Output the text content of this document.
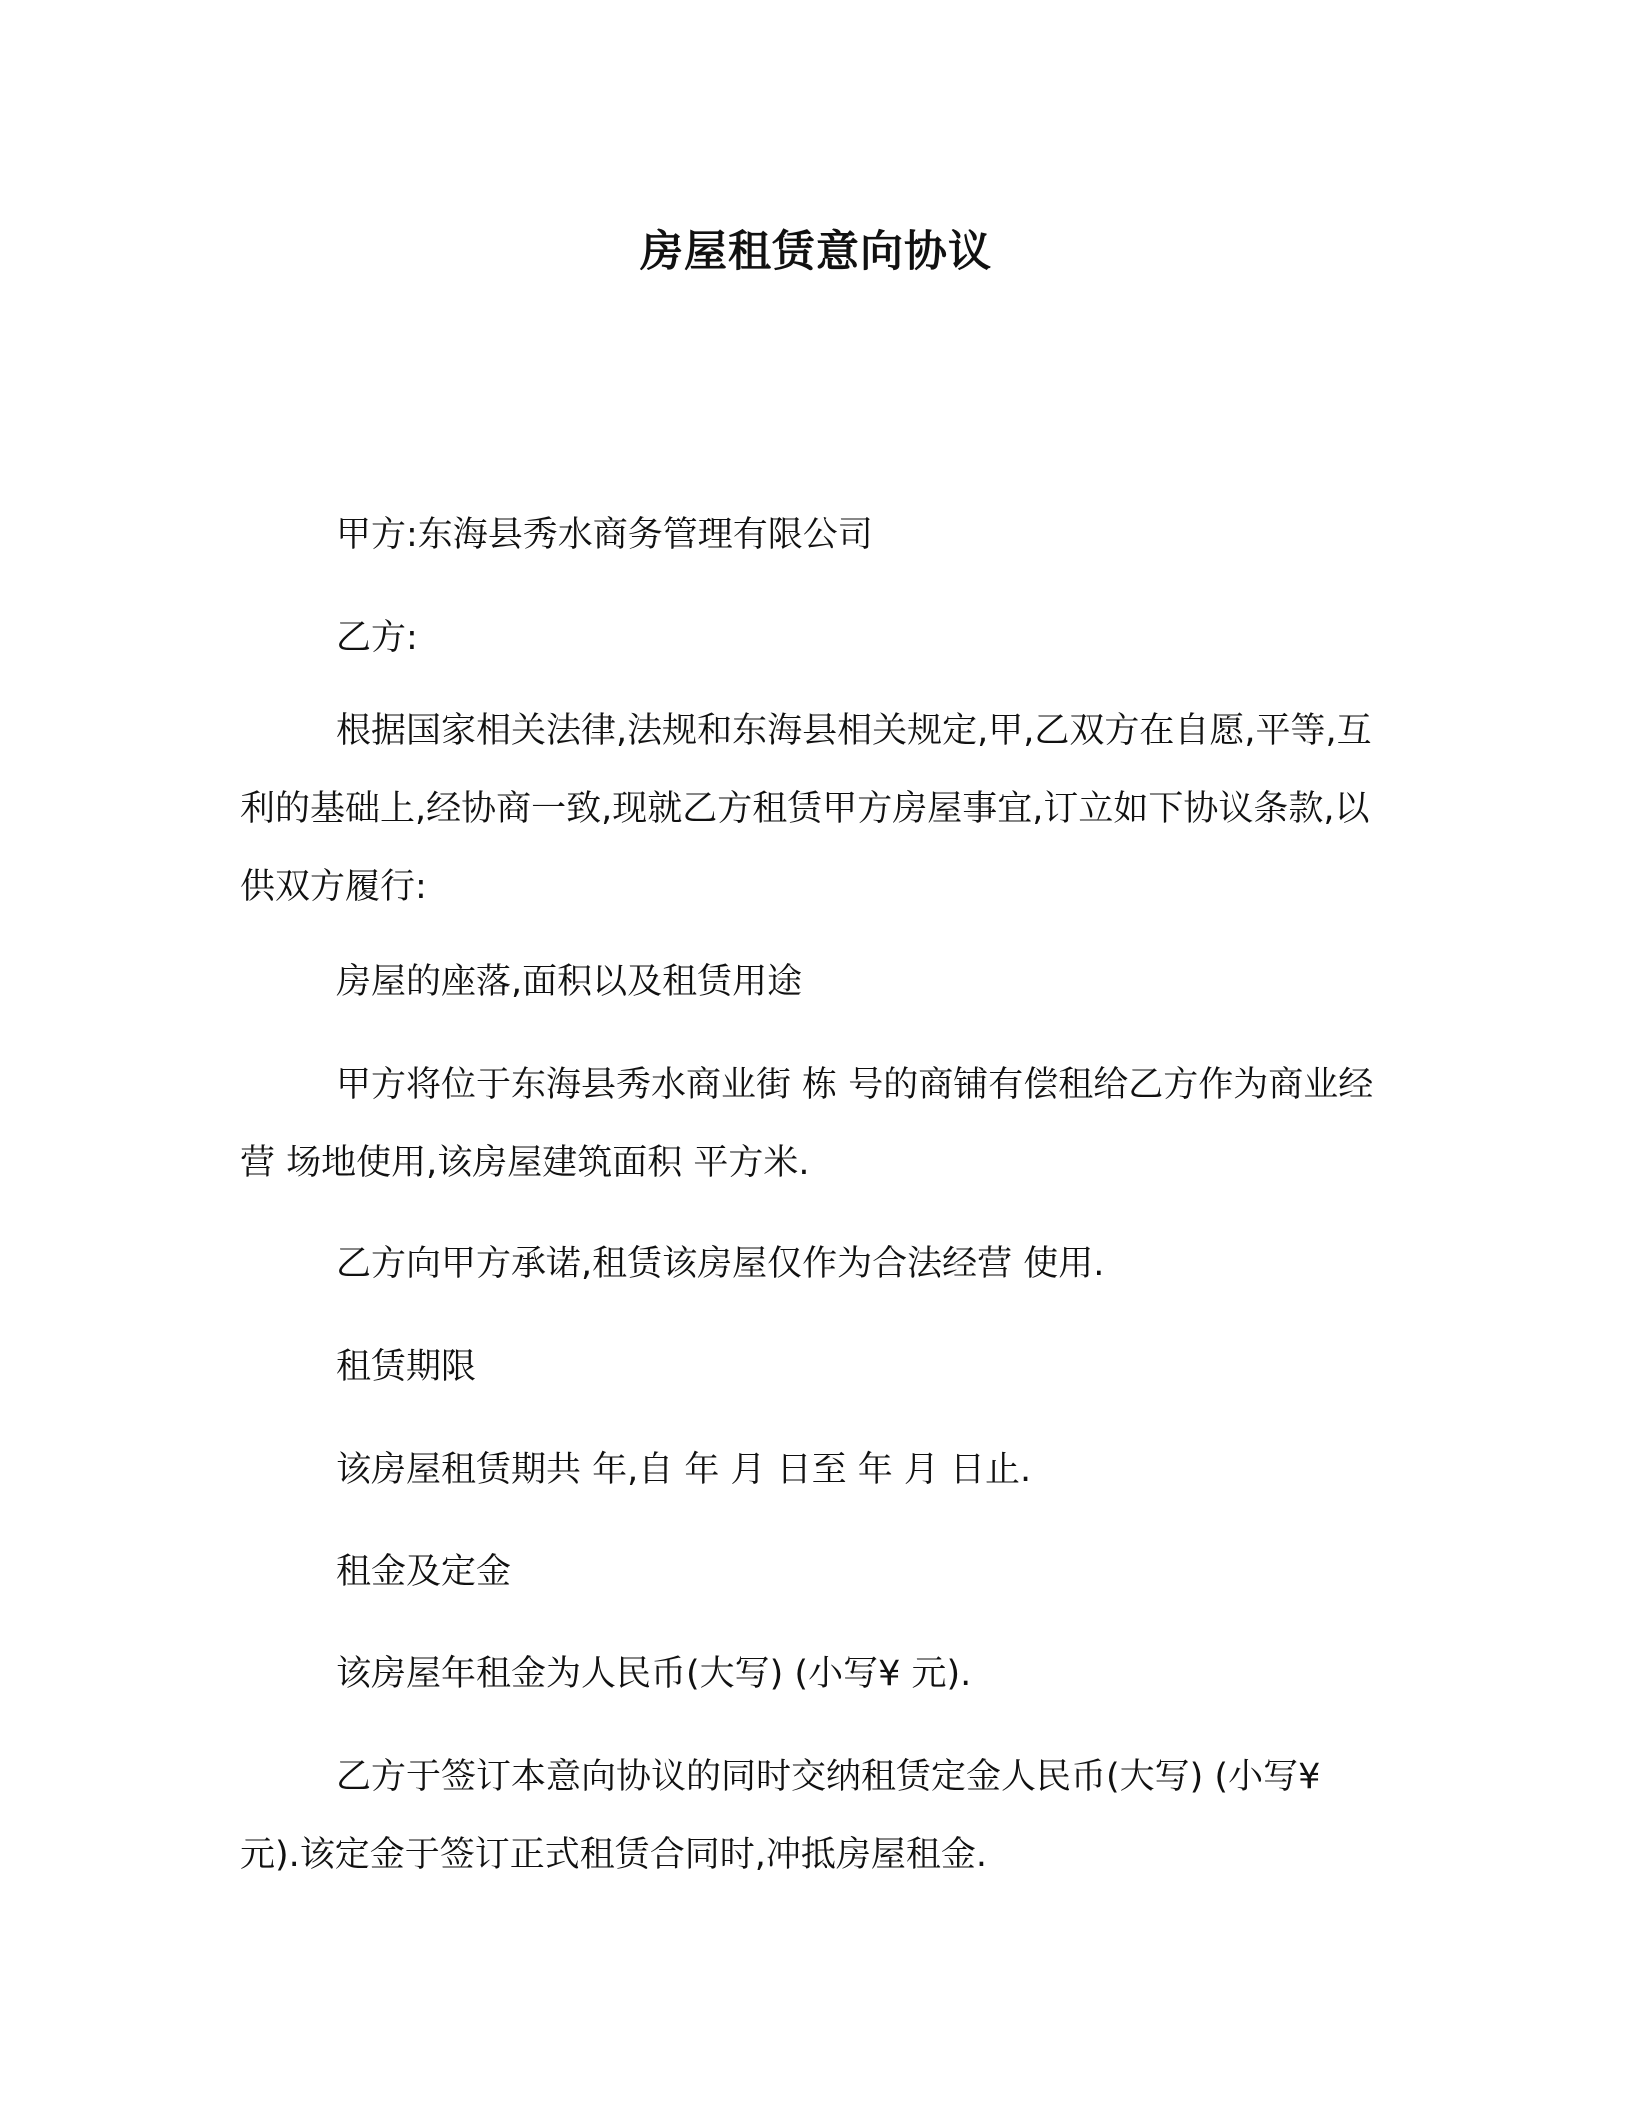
房屋租赁意向协议

甲方:东海县秀水商务管理有限公司

乙方:

根据国家相关法律,法规和东海县相关规定,甲,乙双方在自愿,平等,互利的基础上,经协商一致,现就乙方租赁甲方房屋事宜,订立如下协议条款,以供双方履行:

房屋的座落,面积以及租赁用途

甲方将位于东海县秀水商业街 栋 号的商铺有偿租给乙方作为商业经营 场地使用,该房屋建筑面积 平方米.

乙方向甲方承诺,租赁该房屋仅作为合法经营 使用.

租赁期限

该房屋租赁期共 年,自 年 月 日至 年 月 日止.

租金及定金

该房屋年租金为人民币(大写) (小写¥ 元).

乙方于签订本意向协议的同时交纳租赁定金人民币(大写) (小写¥ 元).该定金于签订正式租赁合同时,冲抵房屋租金.
